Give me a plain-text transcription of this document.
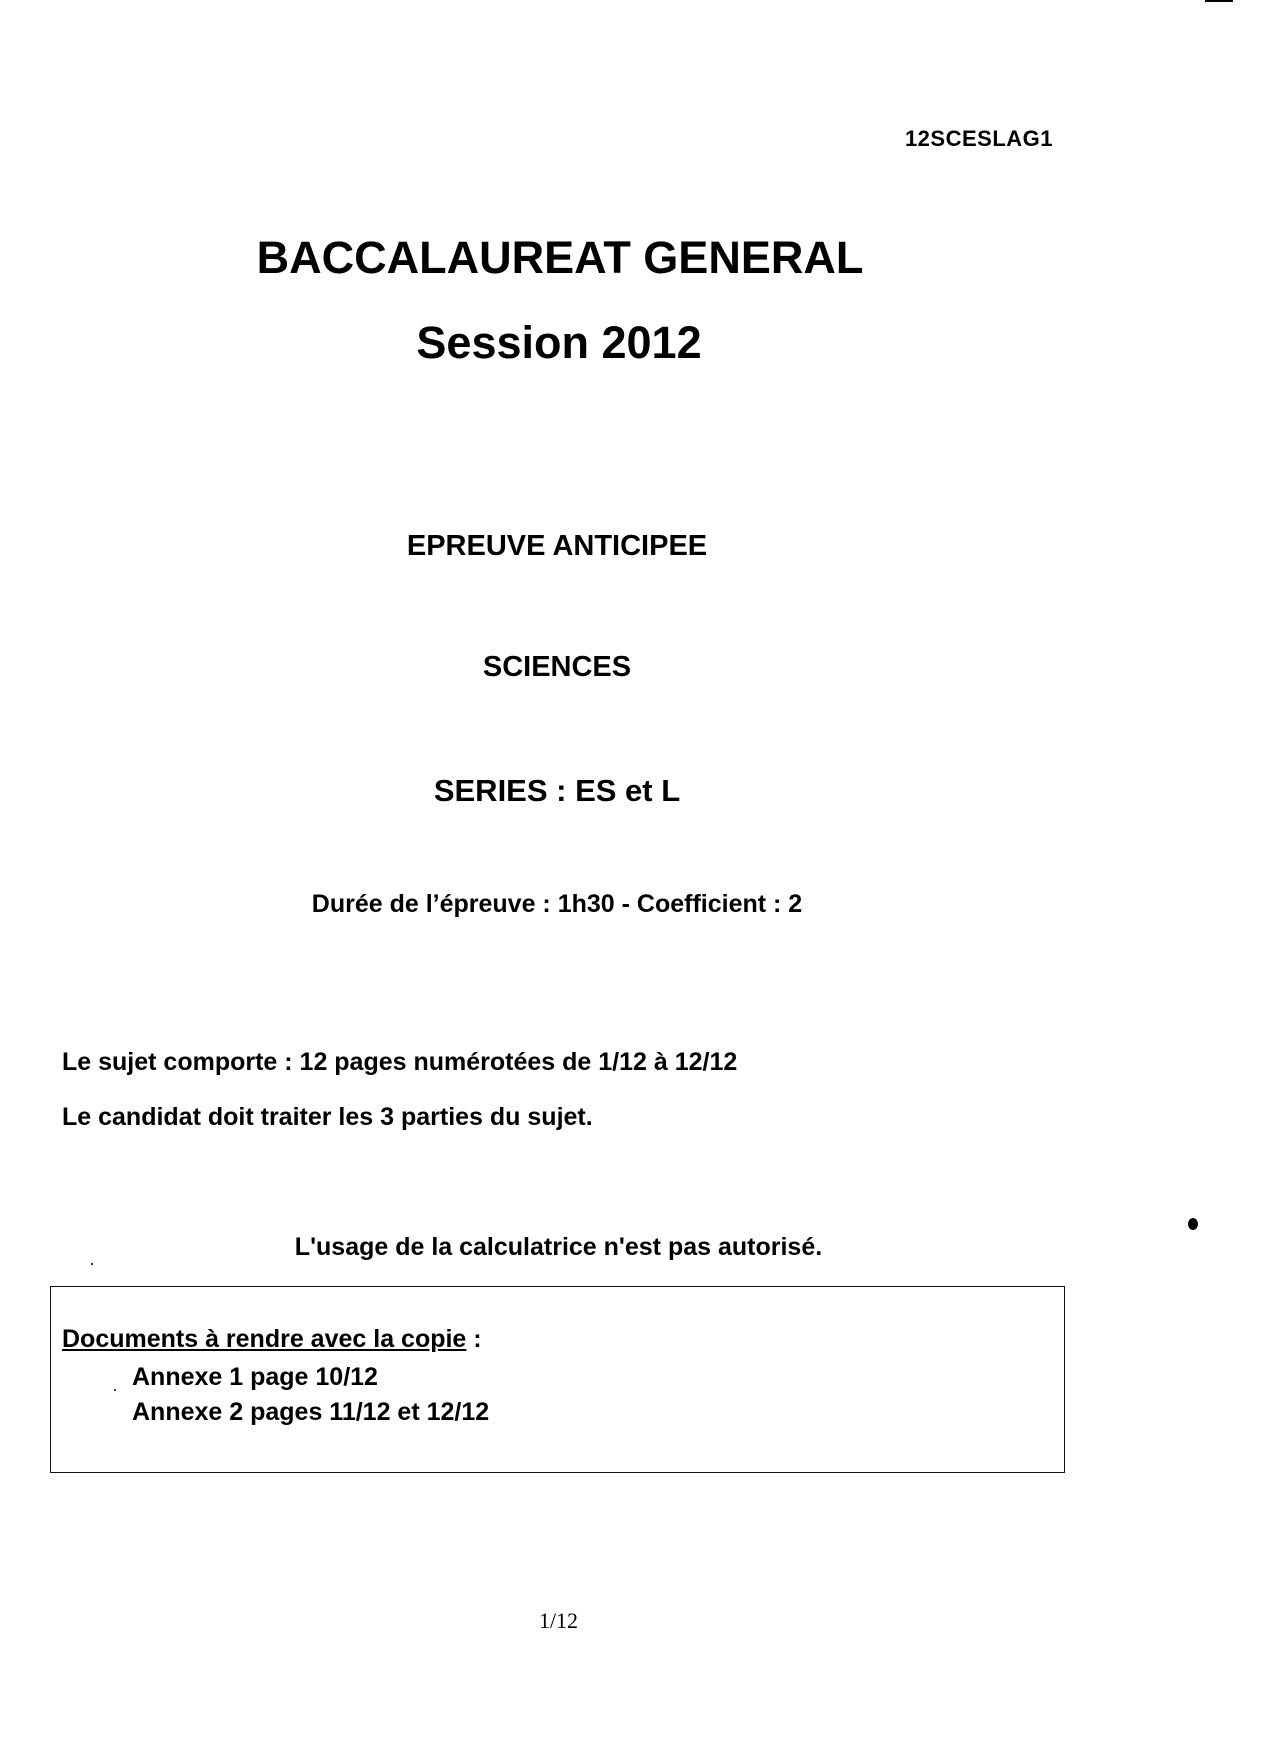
12SCESLAG1
BACCALAUREAT GENERAL
Session 2012
EPREUVE ANTICIPEE
SCIENCES
SERIES : ES et L
Durée de l’épreuve : 1h30 - Coefficient : 2
Le sujet comporte : 12 pages numérotées de 1/12 à 12/12
Le candidat doit traiter les 3 parties du sujet.
L'usage de la calculatrice n'est pas autorisé.
Documents à rendre avec la copie :
Annexe 1 page 10/12
Annexe 2 pages 11/12 et 12/12
1/12
